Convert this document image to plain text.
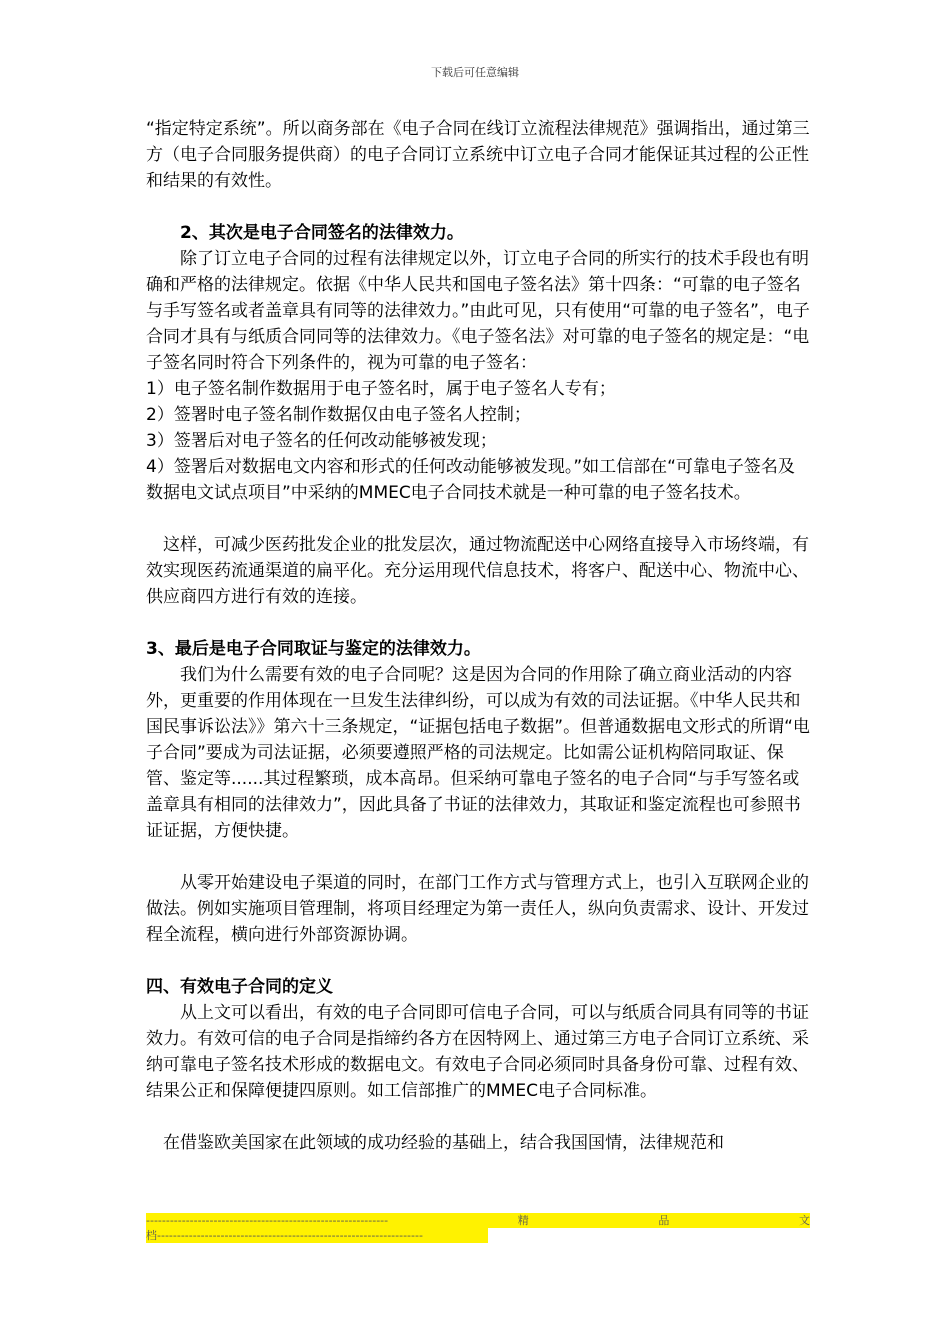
下载后可任意编辑

“指定特定系统”。所以商务部在《电子合同在线订立流程法律规范》强调指出，通过第三方（电子合同服务提供商）的电子合同订立系统中订立电子合同才能保证其过程的公正性和结果的有效性。

2、其次是电子合同签名的法律效力。

除了订立电子合同的过程有法律规定以外，订立电子合同的所实行的技术手段也有明确和严格的法律规定。依据《中华人民共和国电子签名法》第十四条：“可靠的电子签名与手写签名或者盖章具有同等的法律效力。”由此可见，只有使用“可靠的电子签名”，电子合同才具有与纸质合同同等的法律效力。《电子签名法》对可靠的电子签名的规定是：“电子签名同时符合下列条件的，视为可靠的电子签名：

1）电子签名制作数据用于电子签名时，属于电子签名人专有；

2）签署时电子签名制作数据仅由电子签名人控制；

3）签署后对电子签名的任何改动能够被发现；

4）签署后对数据电文内容和形式的任何改动能够被发现。”如工信部在“可靠电子签名及数据电文试点项目”中采纳的MMEC电子合同技术就是一种可靠的电子签名技术。

这样，可减少医药批发企业的批发层次，通过物流配送中心网络直接导入市场终端，有效实现医药流通渠道的扁平化。充分运用现代信息技术，将客户、配送中心、物流中心、供应商四方进行有效的连接。

3、最后是电子合同取证与鉴定的法律效力。

我们为什么需要有效的电子合同呢？这是因为合同的作用除了确立商业活动的内容外，更重要的作用体现在一旦发生法律纠纷，可以成为有效的司法证据。《中华人民共和国民事诉讼法》》第六十三条规定，“证据包括电子数据”。但普通数据电文形式的所谓“电子合同”要成为司法证据，必须要遵照严格的司法规定。比如需公证机构陪同取证、保管、鉴定等......其过程繁琐，成本高昂。但采纳可靠电子签名的电子合同“与手写签名或盖章具有相同的法律效力”，因此具备了书证的法律效力，其取证和鉴定流程也可参照书证证据，方便快捷。

从零开始建设电子渠道的同时，在部门工作方式与管理方式上，也引入互联网企业的做法。例如实施项目管理制，将项目经理定为第一责任人，纵向负责需求、设计、开发过程全流程，横向进行外部资源协调。

四、有效电子合同的定义

从上文可以看出，有效的电子合同即可信电子合同，可以与纸质合同具有同等的书证效力。有效可信的电子合同是指缔约各方在因特网上、通过第三方电子合同订立系统、采纳可靠电子签名技术形成的数据电文。有效电子合同必须同时具备身份可靠、过程有效、结果公正和保障便捷四原则。如工信部推广的MMEC电子合同标准。

在借鉴欧美国家在此领域的成功经验的基础上，结合我国国情，法律规范和

-------------------------------------------------------------	精	品	文
档-------------------------------------------------------------------
